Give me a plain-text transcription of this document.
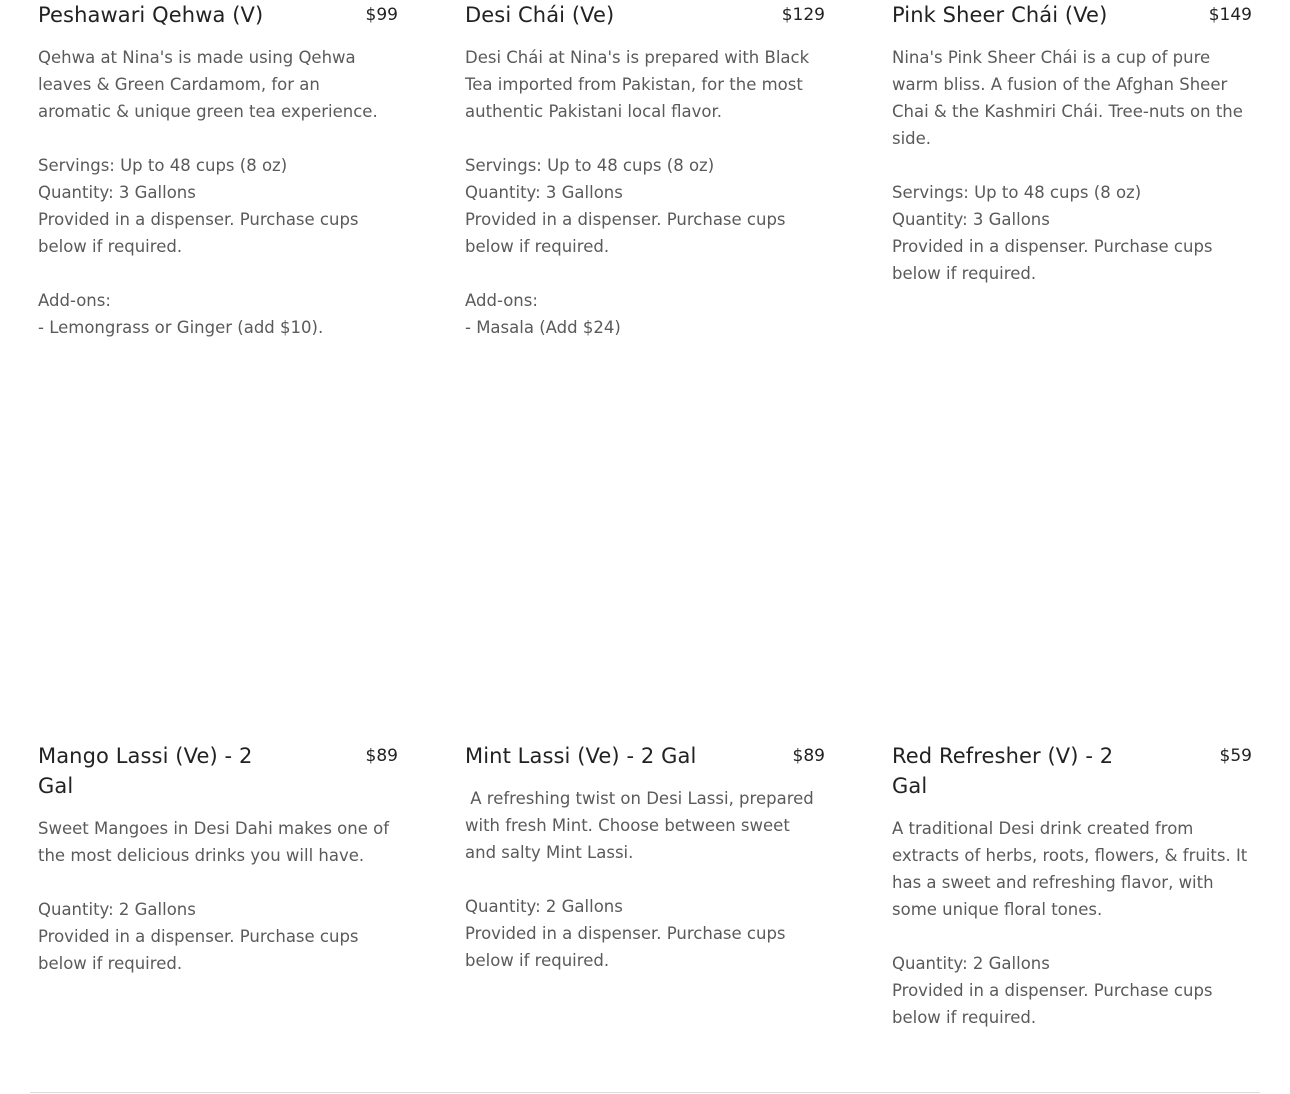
Peshawari Qehwa (V)	$99

Qehwa at Nina's is made using Qehwa leaves & Green Cardamom, for an aromatic & unique green tea experience.

Servings: Up to 48 cups (8 oz)

Quantity: 3 Gallons

Provided in a dispenser. Purchase cups below if required.

Add-ons:

- Lemongrass or Ginger (add $10).

Desi Chái (Ve)	$129

Desi Chái at Nina's is prepared with Black Tea imported from Pakistan, for the most authentic Pakistani local flavor.

Servings: Up to 48 cups (8 oz)

Quantity: 3 Gallons

Provided in a dispenser. Purchase cups below if required.

Add-ons:

- Masala (Add $24)

Pink Sheer Chái (Ve)	$149

Nina's Pink Sheer Chái is a cup of pure warm bliss. A fusion of the Afghan Sheer Chai & the Kashmiri Chái. Tree-nuts on the side.

Servings: Up to 48 cups (8 oz)

Quantity: 3 Gallons

Provided in a dispenser. Purchase cups below if required.

Mango Lassi (Ve) - 2 Gal
$89

Sweet Mangoes in Desi Dahi makes one of the most delicious drinks you will have.

Quantity: 2 Gallons

Provided in a dispenser. Purchase cups below if required.

Mint Lassi (Ve) - 2 Gal	$89

A refreshing twist on Desi Lassi, prepared with fresh Mint. Choose between sweet and salty Mint Lassi.

Quantity: 2 Gallons

Provided in a dispenser. Purchase cups below if required.

Red Refresher (V) - 2 Gal
$59

A traditional Desi drink created from extracts of herbs, roots, flowers, & fruits. It has a sweet and refreshing flavor, with some unique floral tones.

Quantity: 2 Gallons

Provided in a dispenser. Purchase cups below if required.
